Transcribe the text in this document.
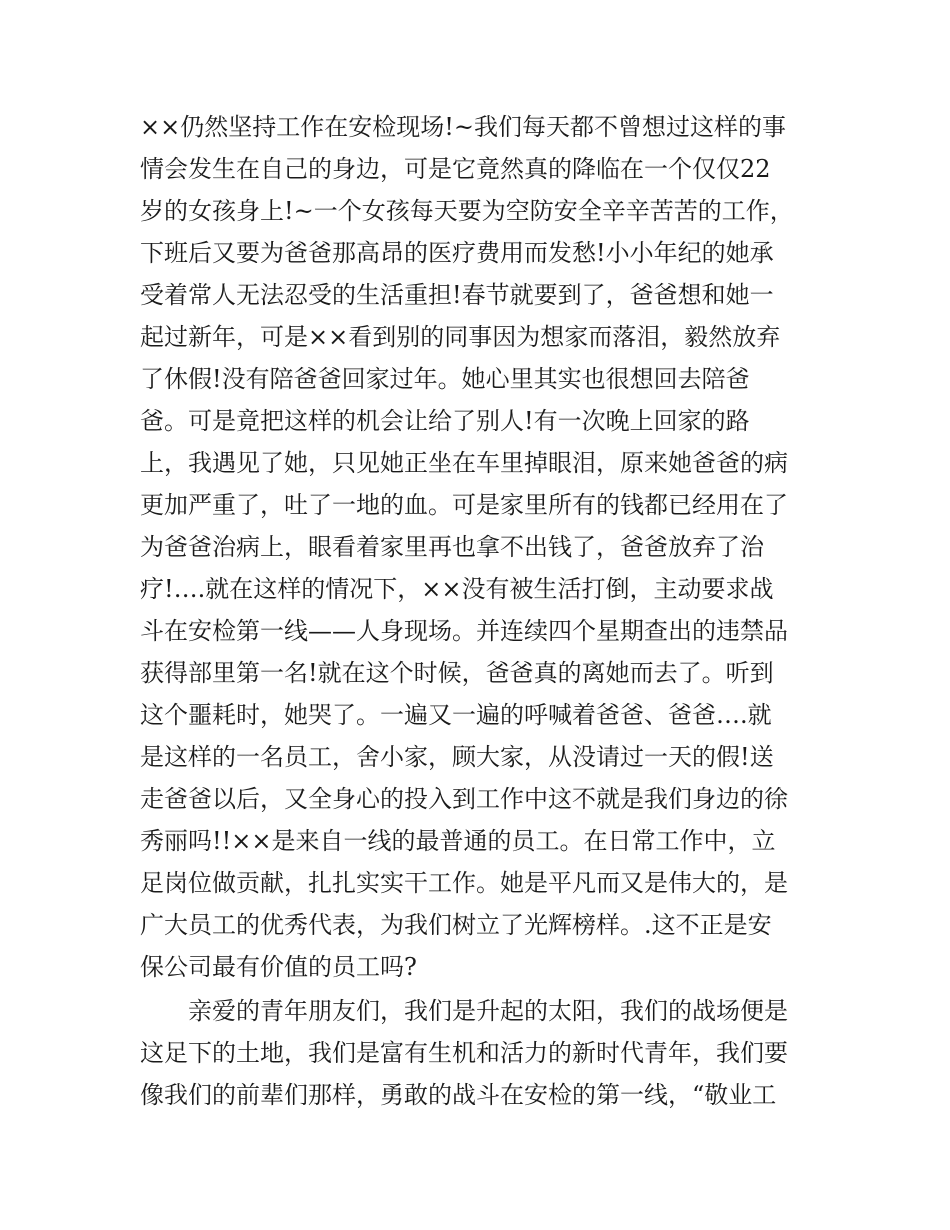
××仍然坚持工作在安检现场!~我们每天都不曾想过这样的事
情会发生在自己的身边，可是它竟然真的降临在一个仅仅22
岁的女孩身上!~一个女孩每天要为空防安全辛辛苦苦的工作，
下班后又要为爸爸那高昂的医疗费用而发愁!小小年纪的她承
受着常人无法忍受的生活重担!春节就要到了，爸爸想和她一
起过新年，可是××看到别的同事因为想家而落泪，毅然放弃
了休假!没有陪爸爸回家过年。她心里其实也很想回去陪爸
爸。可是竟把这样的机会让给了别人!有一次晚上回家的路
上，我遇见了她，只见她正坐在车里掉眼泪，原来她爸爸的病
更加严重了，吐了一地的血。可是家里所有的钱都已经用在了
为爸爸治病上，眼看着家里再也拿不出钱了，爸爸放弃了治
疗!….就在这样的情况下，××没有被生活打倒，主动要求战
斗在安检第一线——人身现场。并连续四个星期查出的违禁品
获得部里第一名!就在这个时候，爸爸真的离她而去了。听到
这个噩耗时，她哭了。一遍又一遍的呼喊着爸爸、爸爸….就
是这样的一名员工，舍小家，顾大家，从没请过一天的假!送
走爸爸以后，又全身心的投入到工作中这不就是我们身边的徐
秀丽吗!!××是来自一线的最普通的员工。在日常工作中，立
足岗位做贡献，扎扎实实干工作。她是平凡而又是伟大的，是
广大员工的优秀代表，为我们树立了光辉榜样。.这不正是安
保公司最有价值的员工吗?
　　亲爱的青年朋友们，我们是升起的太阳，我们的战场便是
这足下的土地，我们是富有生机和活力的新时代青年，我们要
像我们的前辈们那样，勇敢的战斗在安检的第一线，“敬业工
